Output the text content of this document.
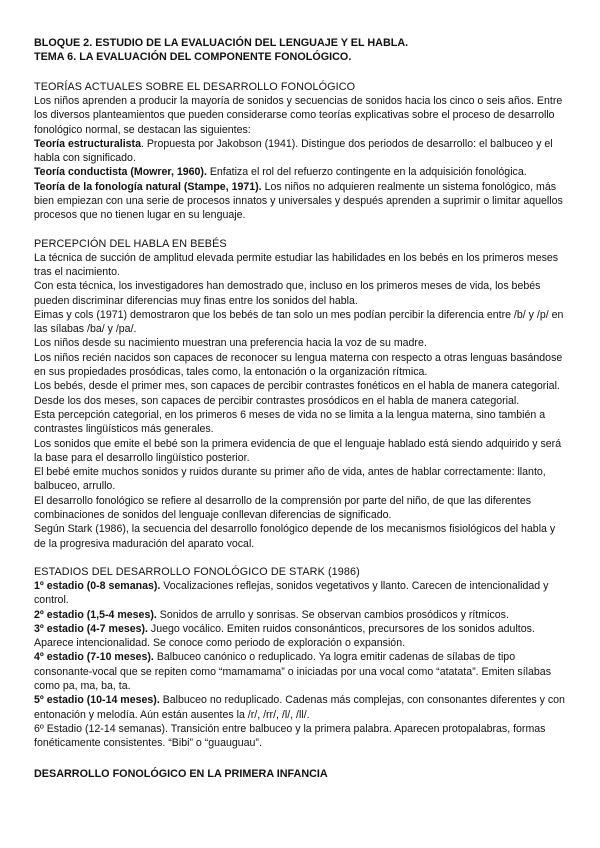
BLOQUE 2. ESTUDIO DE LA EVALUACIÓN DEL LENGUAJE Y EL HABLA.

TEMA 6. LA EVALUACIÓN DEL COMPONENTE FONOLÓGICO.

TEORÍAS ACTUALES SOBRE EL DESARROLLO FONOLÓGICO

Los niños aprenden a producir la mayoría de sonidos y secuencias de sonidos hacia los cinco o seis años. Entre los diversos planteamientos que pueden considerarse como teorías explicativas sobre el proceso de desarrollo fonológico normal, se destacan las siguientes:

Teoría estructuralista. Propuesta por Jakobson (1941). Distingue dos periodos de desarrollo: el balbuceo y el habla con significado.

Teoría conductista (Mowrer, 1960). Enfatiza el rol del refuerzo contingente en la adquisición fonológica.

Teoría de la fonología natural (Stampe, 1971). Los niños no adquieren realmente un sistema fonológico, más bien empiezan con una serie de procesos innatos y universales y después aprenden a suprimir o limitar aquellos procesos que no tienen lugar en su lenguaje.

PERCEPCIÓN DEL HABLA EN BEBÉS

La técnica de succión de amplitud elevada permite estudiar las habilidades en los bebés en los primeros meses tras el nacimiento.

Con esta técnica, los investigadores han demostrado que, incluso en los primeros meses de vida, los bebés pueden discriminar diferencias muy finas entre los sonidos del habla.

Eimas y cols (1971) demostraron que los bebés de tan solo un mes podían percibir la diferencia entre /b/ y /p/ en las sílabas /ba/ y /pa/.

Los niños desde su nacimiento muestran una preferencia hacia la voz de su madre.

Los niños recién nacidos son capaces de reconocer su lengua materna con respecto a otras lenguas basándose en sus propiedades prosódicas, tales como, la entonación o la organización rítmica.

Los bebés, desde el primer mes, son capaces de percibir contrastes fonéticos en el habla de manera categorial.

Desde los dos meses, son capaces de percibir contrastes prosódicos en el habla de manera categorial.

Esta percepción categorial, en los primeros 6 meses de vida no se limita a la lengua materna, sino también a contrastes lingüísticos más generales.

Los sonidos que emite el bebé son la primera evidencia de que el lenguaje hablado está siendo adquirido y será la base para el desarrollo lingüístico posterior.

El bebé emite muchos sonidos y ruidos durante su primer año de vida, antes de hablar correctamente: llanto, balbuceo, arrullo.

El desarrollo fonológico se refiere al desarrollo de la comprensión por parte del niño, de que las diferentes combinaciones de sonidos del lenguaje conllevan diferencias de significado.

Según Stark (1986), la secuencia del desarrollo fonológico depende de los mecanismos fisiológicos del habla y de la progresiva maduración del aparato vocal.

ESTADIOS DEL DESARROLLO FONOLÓGICO DE STARK (1986)

1º estadio (0-8 semanas). Vocalizaciones reflejas, sonidos vegetativos y llanto. Carecen de intencionalidad y control.

2º estadio (1,5-4 meses). Sonidos de arrullo y sonrisas. Se observan cambios prosódicos y rítmicos.

3º estadio (4-7 meses). Juego vocálico. Emiten ruidos consonánticos, precursores de los sonidos adultos. Aparece intencionalidad. Se conoce como periodo de exploración o expansión.

4º estadio (7-10 meses). Balbuceo canónico o reduplicado. Ya logra emitir cadenas de sílabas de tipo consonante-vocal que se repiten como “mamamama” o iniciadas por una vocal como “atatata”. Emiten sílabas como pa, ma, ba, ta.

5º estadio (10-14 meses). Balbuceo no reduplicado. Cadenas más complejas, con consonantes diferentes y con entonación y melodía. Aún están ausentes la /r/, /rr/, /l/, /ll/.

6º Estadio (12-14 semanas). Transición entre balbuceo y la primera palabra. Aparecen protopalabras, formas fonéticamente consistentes. “Bibi” o “guauguau”.

DESARROLLO FONOLÓGICO EN LA PRIMERA INFANCIA
